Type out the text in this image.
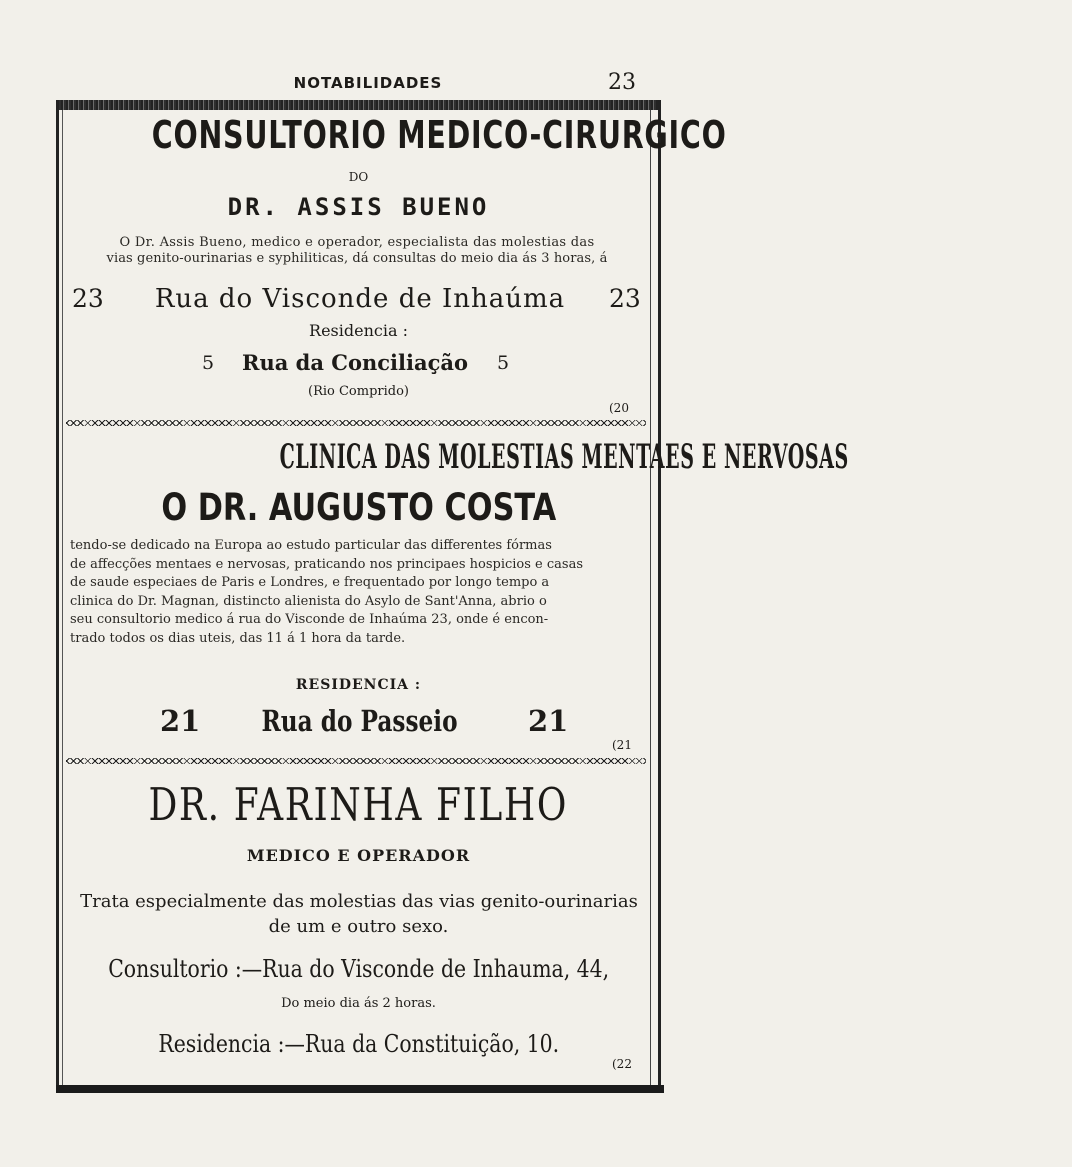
NOTABILIDADES	23
CONSULTORIO MEDICO-CIRURGICO
DO
DR. ASSIS BUENO
O Dr. Assis Bueno, medico e operador, especialista das molestias das
vias genito-ourinarias e syphiliticas, dá consultas do meio dia ás 3 horas, á
23	Rua do Visconde de Inhaúma	23
Residencia :
5	Rua da Conciliação	5
(Rio Comprido)
(20
CLINICA DAS MOLESTIAS MENTAES E NERVOSAS
O DR. AUGUSTO COSTA
tendo-se dedicado na Europa ao estudo particular das differentes fórmas
de affecções mentaes e nervosas, praticando nos principaes hospicios e casas
de saude especiaes de Paris e Londres, e frequentado por longo tempo a
clinica do Dr. Magnan, distincto alienista do Asylo de Sant'Anna, abrio o
seu consultorio medico á rua do Visconde de Inhaúma 23, onde é encon-
trado todos os dias uteis, das 11 á 1 hora da tarde.
RESIDENCIA :
21	Rua do Passeio	21
(21
DR. FARINHA FILHO
MEDICO E OPERADOR
Trata especialmente das molestias das vias genito-ourinarias
de um e outro sexo.
Consultorio :—Rua do Visconde de Inhauma, 44,
Do meio dia ás 2 horas.
Residencia :—Rua da Constituição, 10.
(22
